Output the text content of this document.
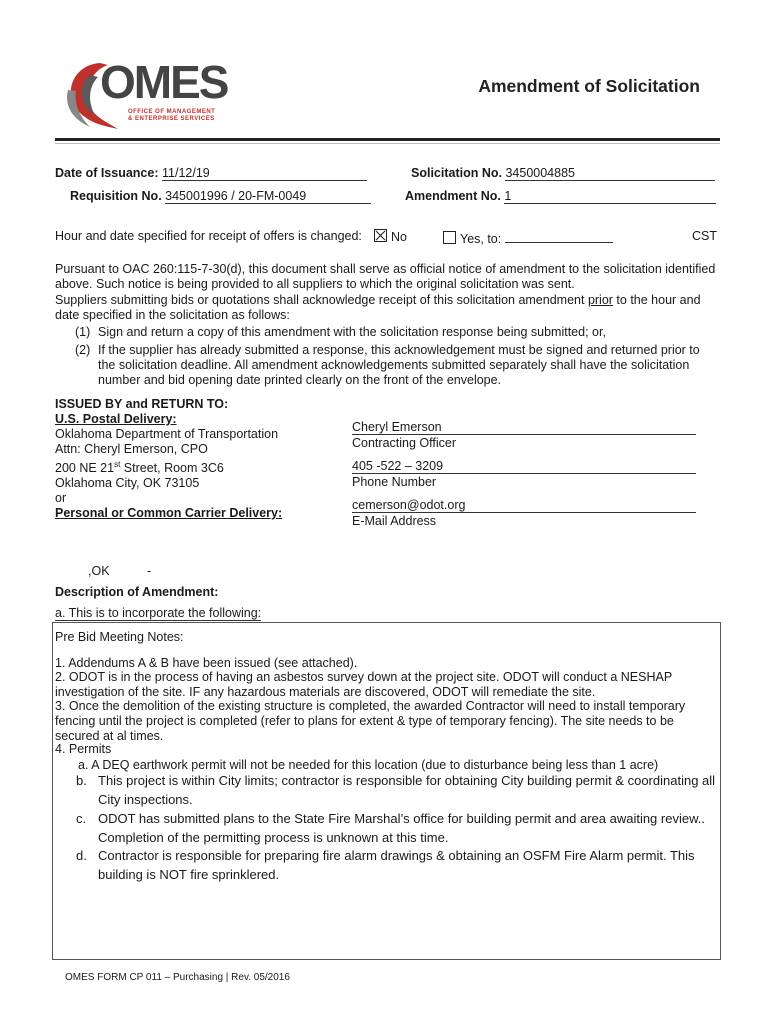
OMES
OFFICE OF MANAGEMENT
& ENTERPRISE SERVICES
Amendment of Solicitation
Date of Issuance: 11/12/19	Solicitation No. 3450004885
Requisition No. 345001996 / 20-FM-0049	Amendment No. 1
Hour and date specified for receipt of offers is changed:	No	Yes, to:	CST
Pursuant to OAC 260:115-7-30(d), this document shall serve as official notice of amendment to the solicitation identified above. Such notice is being provided to all suppliers to which the original solicitation was sent.
Suppliers submitting bids or quotations shall acknowledge receipt of this solicitation amendment prior to the hour and date specified in the solicitation as follows:
(1) Sign and return a copy of this amendment with the solicitation response being submitted; or,
(2) If the supplier has already submitted a response, this acknowledgement must be signed and returned prior to the solicitation deadline. All amendment acknowledgements submitted separately shall have the solicitation number and bid opening date printed clearly on the front of the envelope.
ISSUED BY and RETURN TO:
U.S. Postal Delivery:
Oklahoma Department of Transportation
Attn: Cheryl Emerson, CPO
200 NE 21st Street, Room 3C6
Oklahoma City, OK 73105
or
Personal or Common Carrier Delivery:
Cheryl Emerson
Contracting Officer
405 -522 – 3209
Phone Number
cemerson@odot.org
E-Mail Address
,OK	-
Description of Amendment:
a. This is to incorporate the following:
Pre Bid Meeting Notes:
1. Addendums A & B have been issued (see attached).
2. ODOT is in the process of having an asbestos survey down at the project site. ODOT will conduct a NESHAP investigation of the site. IF any hazardous materials are discovered, ODOT will remediate the site.
3. Once the demolition of the existing structure is completed, the awarded Contractor will need to install temporary fencing until the project is completed (refer to plans for extent & type of temporary fencing). The site needs to be secured at al times.
4. Permits
a. A DEQ earthwork permit will not be needed for this location (due to disturbance being less than 1 acre)
b. This project is within City limits; contractor is responsible for obtaining City building permit & coordinating all City inspections.
c. ODOT has submitted plans to the State Fire Marshal’s office for building permit and area awaiting review.. Completion of the permitting process is unknown at this time.
d. Contractor is responsible for preparing fire alarm drawings & obtaining an OSFM Fire Alarm permit. This building is NOT fire sprinklered.
OMES FORM CP 011 – Purchasing | Rev. 05/2016
